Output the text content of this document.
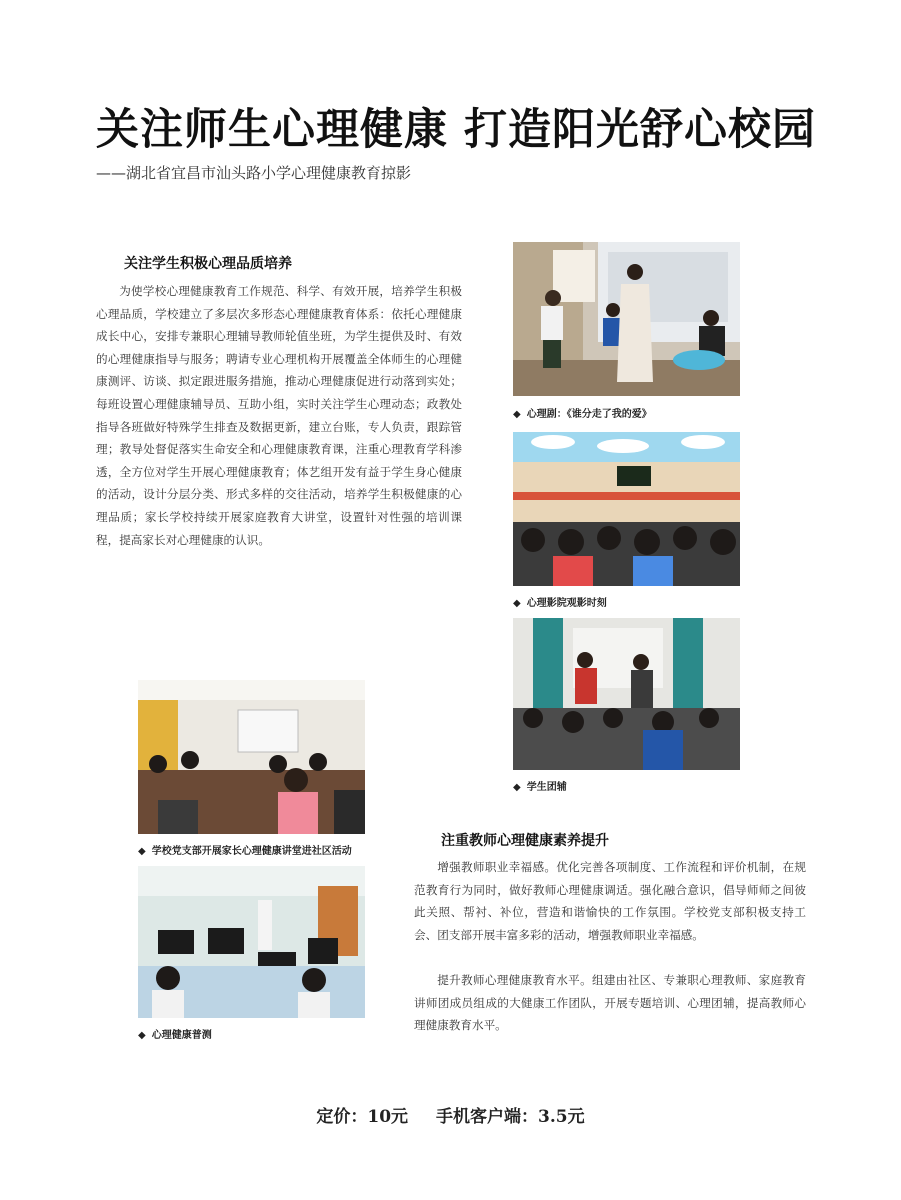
关注师生心理健康 打造阳光舒心校园
——湖北省宜昌市汕头路小学心理健康教育掠影
关注学生积极心理品质培养

为使学校心理健康教育工作规范、科学、有效开展，培养学生积极心理品质，学校建立了多层次多形态心理健康教育体系：依托心理健康成长中心，安排专兼职心理辅导教师轮值坐班，为学生提供及时、有效的心理健康指导与服务；聘请专业心理机构开展覆盖全体师生的心理健康测评、访谈、拟定跟进服务措施，推动心理健康促进行动落到实处；每班设置心理健康辅导员、互助小组，实时关注学生心理动态；政教处指导各班做好特殊学生排查及数据更新，建立台账，专人负责，跟踪管理；教导处督促落实生命安全和心理健康教育课，注重心理教育学科渗透，全方位对学生开展心理健康教育；体艺组开发有益于学生身心健康的活动，设计分层分类、形式多样的交往活动，培养学生积极健康的心理品质；家长学校持续开展家庭教育大讲堂，设置针对性强的培训课程，提高家长对心理健康的认识。

◆ 心理剧：《谁分走了我的爱》
◆ 心理影院观影时刻
◆ 学生团辅
◆ 学校党支部开展家长心理健康讲堂进社区活动
◆ 心理健康普测
注重教师心理健康素养提升

增强教师职业幸福感。优化完善各项制度、工作流程和评价机制，在规范教育行为同时，做好教师心理健康调适。强化融合意识，倡导师师之间彼此关照、帮衬、补位，营造和谐愉快的工作氛围。学校党支部积极支持工会、团支部开展丰富多彩的活动，增强教师职业幸福感。

提升教师心理健康教育水平。组建由社区、专兼职心理教师、家庭教育讲师团成员组成的大健康工作团队，开展专题培训、心理团辅，提高教师心理健康教育水平。

定价：10元 手机客户端：3.5元
